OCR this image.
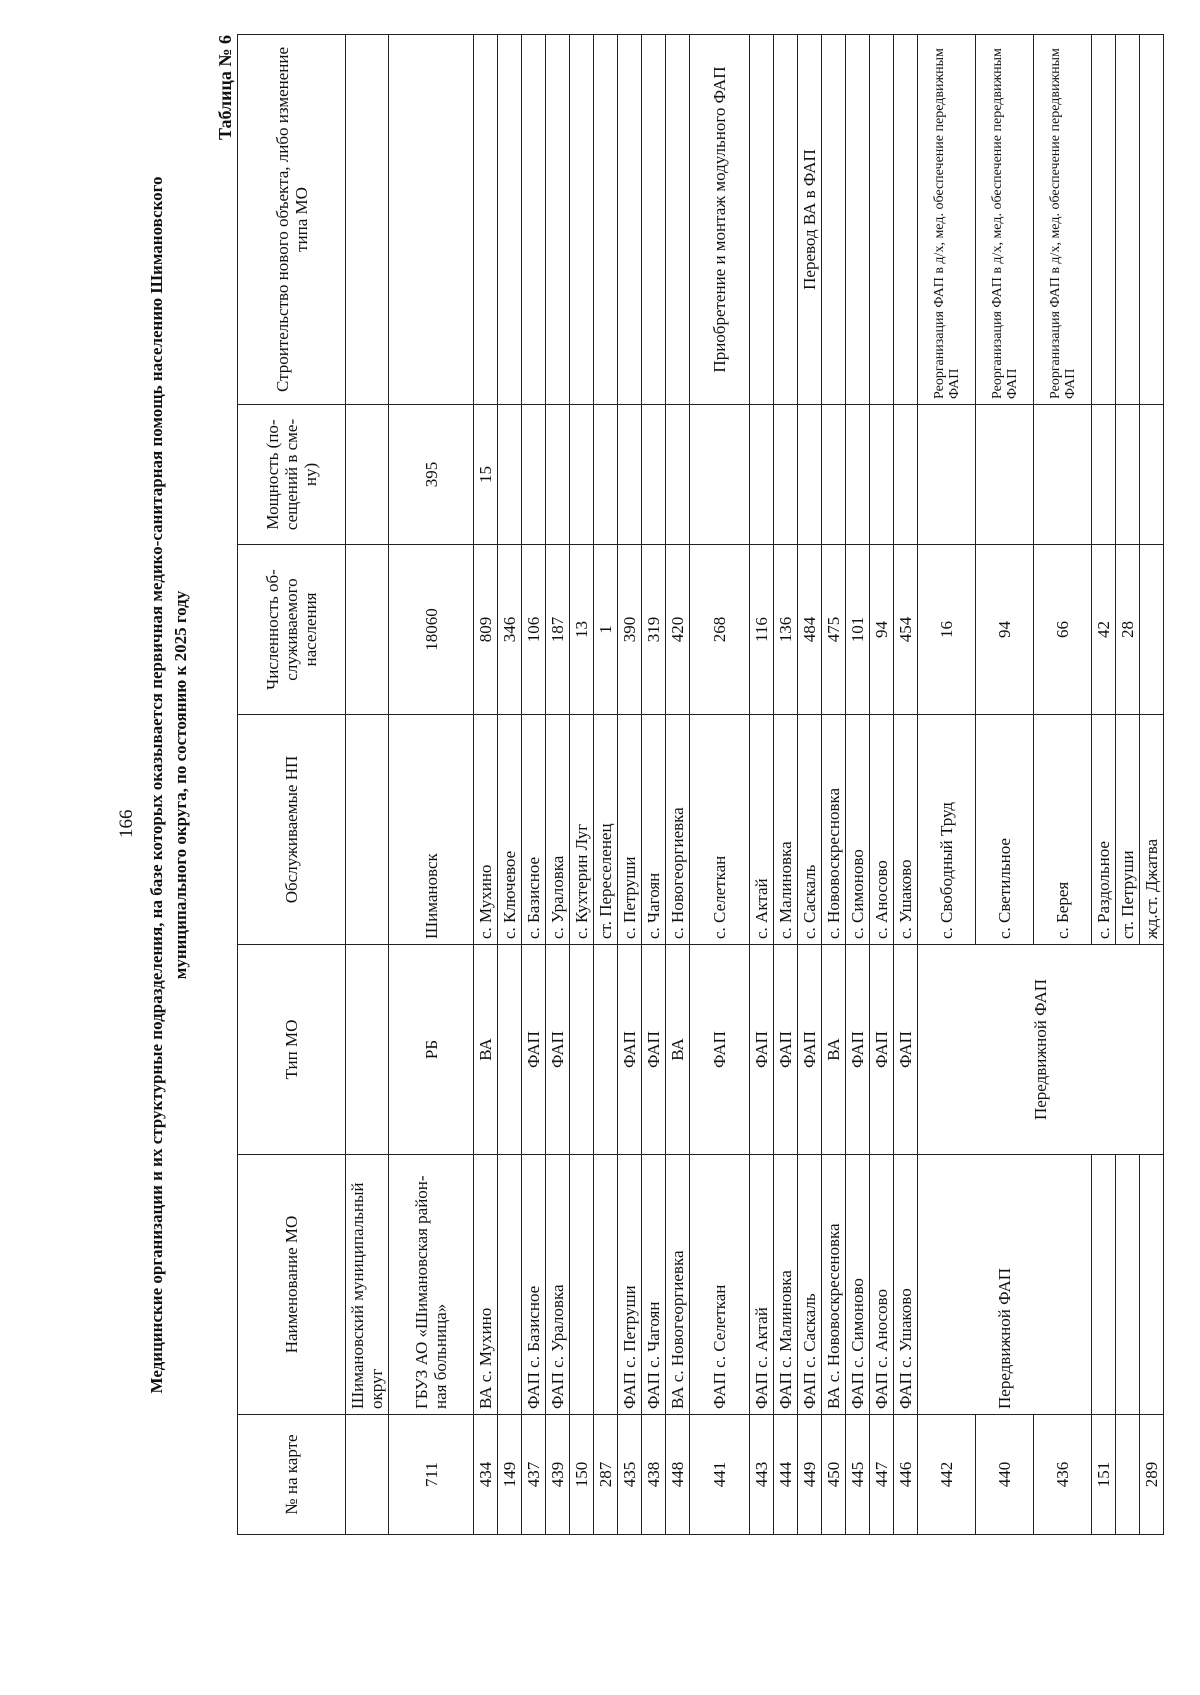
166 Медицинские организации и их структурные подразделения, на базе которых оказывается первичная медико-санитарная помощь населению Шимановского муниципального округа, по состоянию к 2025 году
Таблица № 6
№ на карте	Наименование МО	Тип МО	Обслуживаемые НП	Численность об-служиваемого населения	Мощность (по-сещений в сме-ну)	Строительство нового объекта, либо изменение типа МО
	Шимановский муниципальный округ					
711	ГБУЗ АО «Шимановская район-ная больница»	РБ	Шимановск	18060	395	
434	ВА с. Мухино	ВА	с. Мухино	809	15	
149			с. Ключевое	346		
437	ФАП с. Базисное	ФАП	с. Базисное	106		
439	ФАП с. Ураловка	ФАП	с. Ураловка	187		
150			с. Кухтерин Луг	13		
287			ст. Переселенец	1		
435	ФАП с. Петруши	ФАП	с. Петруши	390		
438	ФАП с. Чагоян	ФАП	с. Чагоян	319		
448	ВА с. Новогеоргиевка	ВА	с. Новогеоргиевка	420		
441	ФАП с. Селеткан	ФАП	с. Селеткан	268		Приобретение и монтаж модульного ФАП
443	ФАП с. Актай	ФАП	с. Актай	116		
444	ФАП с. Малиновка	ФАП	с. Малиновка	136		
449	ФАП с. Саскаль	ФАП	с. Саскаль	484		Перевод ВА в ФАП
450	ВА с. Нововоскресеновка	ВА	с. Нововоскресновка	475		
445	ФАП с. Симоново	ФАП	с. Симоново	101		
447	ФАП с. Аносово	ФАП	с. Аносово	94		
446	ФАП с. Ушаково	ФАП	с. Ушаково	454		
442	Передвижной ФАП	Передвижной ФАП	с. Свободный Труд	16		Реорганизация ФАП в д/х, мед. обеспечение передвижным ФАП
440			с. Светильное	94		Реорганизация ФАП в д/х, мед. обеспечение передвижным ФАП
436			с. Берея	66		Реорганизация ФАП в д/х, мед. обеспечение передвижным ФАП
151			с. Раздольное	42		
			ст. Петруши	28		
289			жд.ст. Джатва			
